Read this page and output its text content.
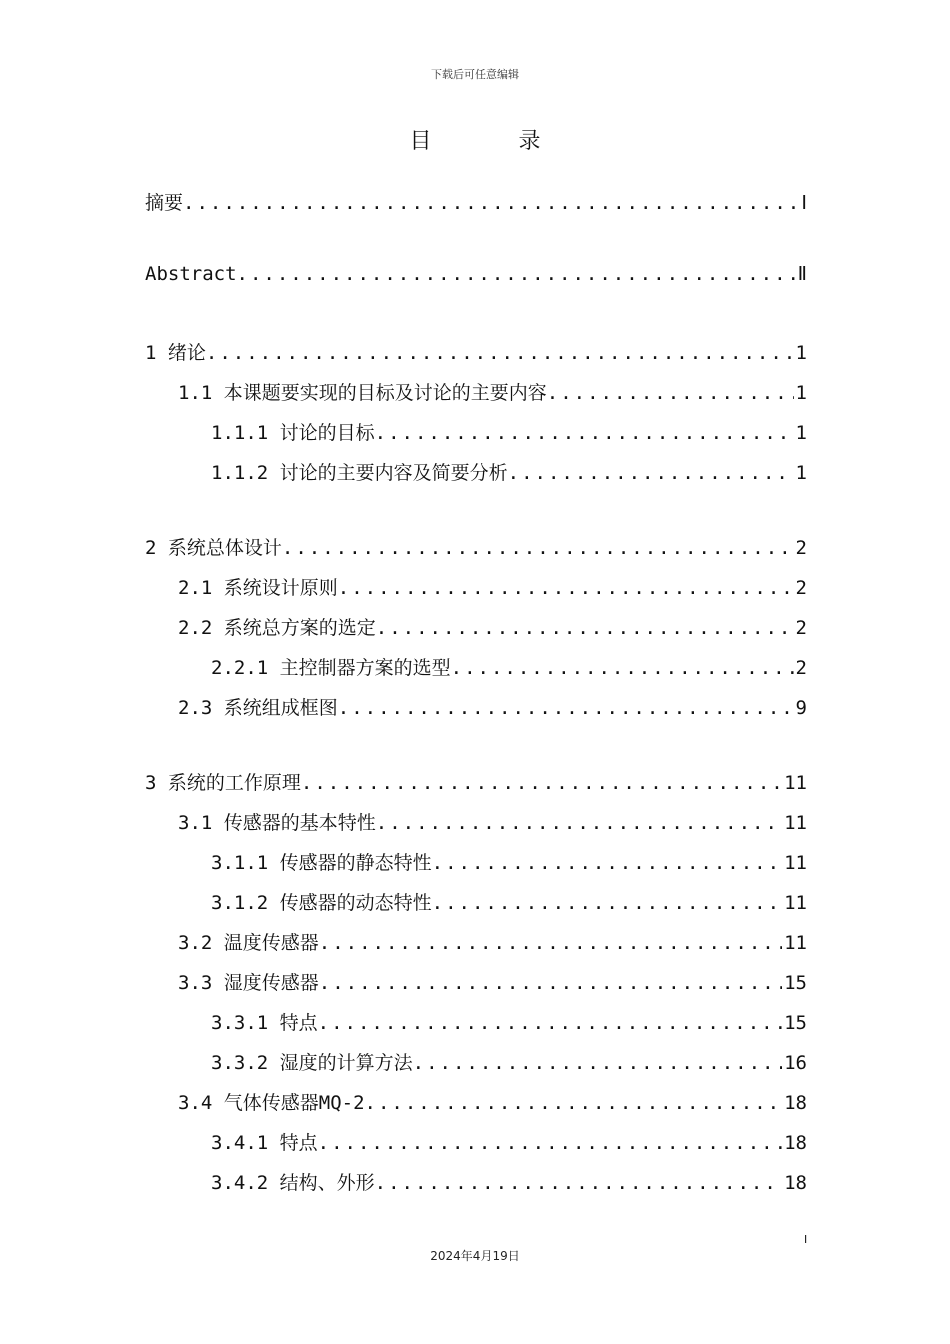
下载后可任意编辑
目 录
摘要 .....	Ⅰ
Abstract .....	Ⅱ
1 绪论 .....	1
1.1 本课题要实现的目标及讨论的主要内容 .....	1
1.1.1 讨论的目标 .....	1
1.1.2 讨论的主要内容及简要分析 .....	1
2 系统总体设计 .....	2
2.1 系统设计原则 .....	2
2.2 系统总方案的选定 .....	2
2.2.1 主控制器方案的选型 .....	2
2.3 系统组成框图 .....	9
3 系统的工作原理 .....	11
3.1 传感器的基本特性 .....	11
3.1.1 传感器的静态特性 .....	11
3.1.2 传感器的动态特性 .....	11
3.2 温度传感器 .....	11
3.3 湿度传感器 .....	15
3.3.1 特点 .....	15
3.3.2 湿度的计算方法 .....	16
3.4 气体传感器MQ-2 .....	18
3.4.1 特点 .....	18
3.4.2 结构、外形 .....	18
I
2024年4月19日
